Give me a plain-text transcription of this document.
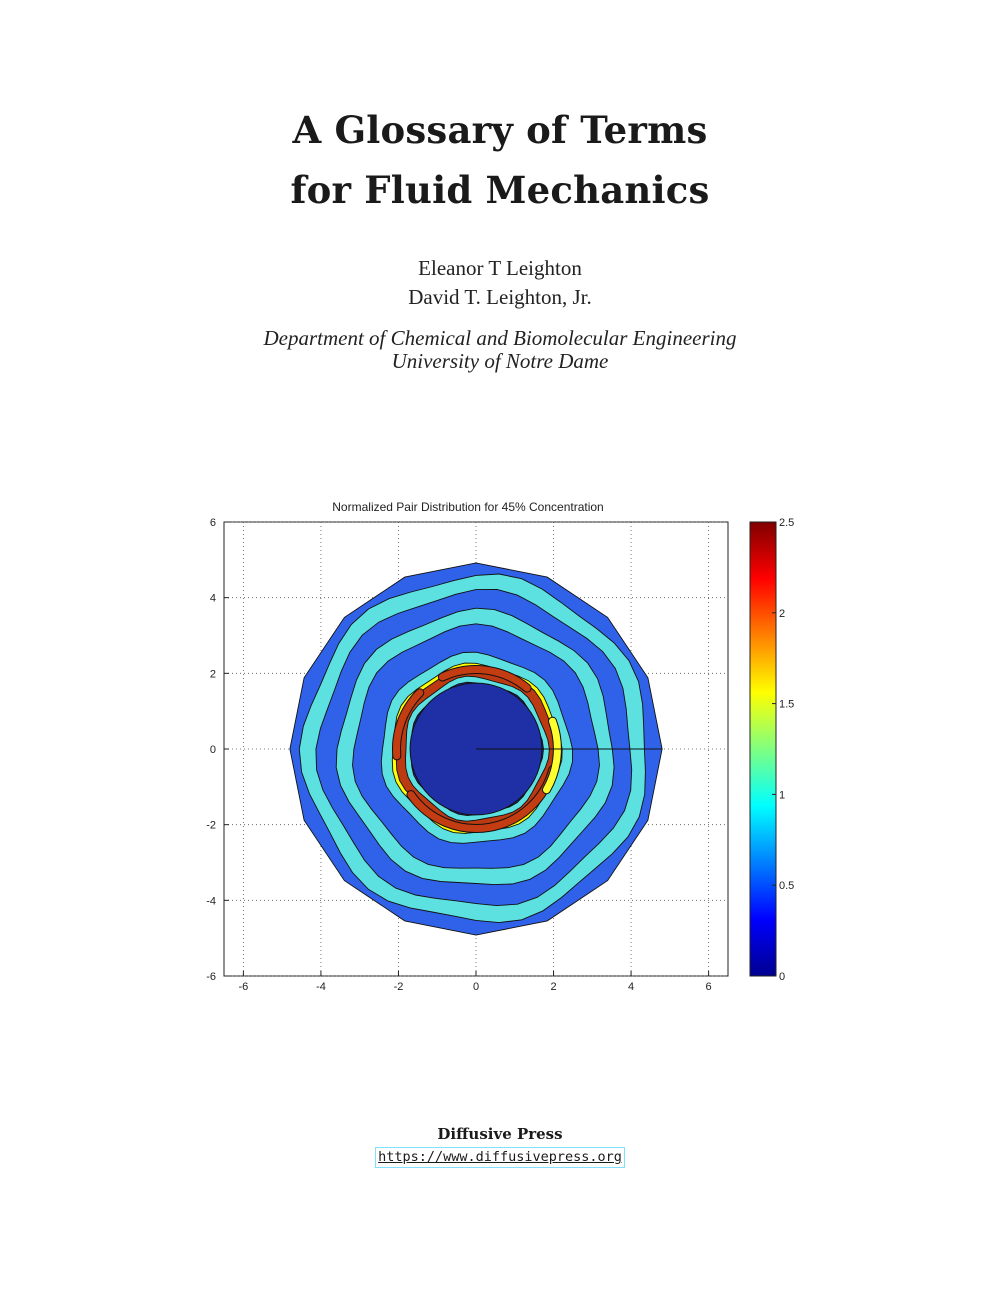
A Glossary of Terms
for Fluid Mechanics
Eleanor T Leighton
David T. Leighton, Jr.
Department of Chemical and Biomolecular Engineering
University of Notre Dame
Normalized Pair Distribution for 45% Concentration
-6	-4	-2	0	2	4	6
-6
-4
-2
0
2
4
6
0
0.5
1
1.5
2
2.5
Diffusive Press
https://www.diffusivepress.org
